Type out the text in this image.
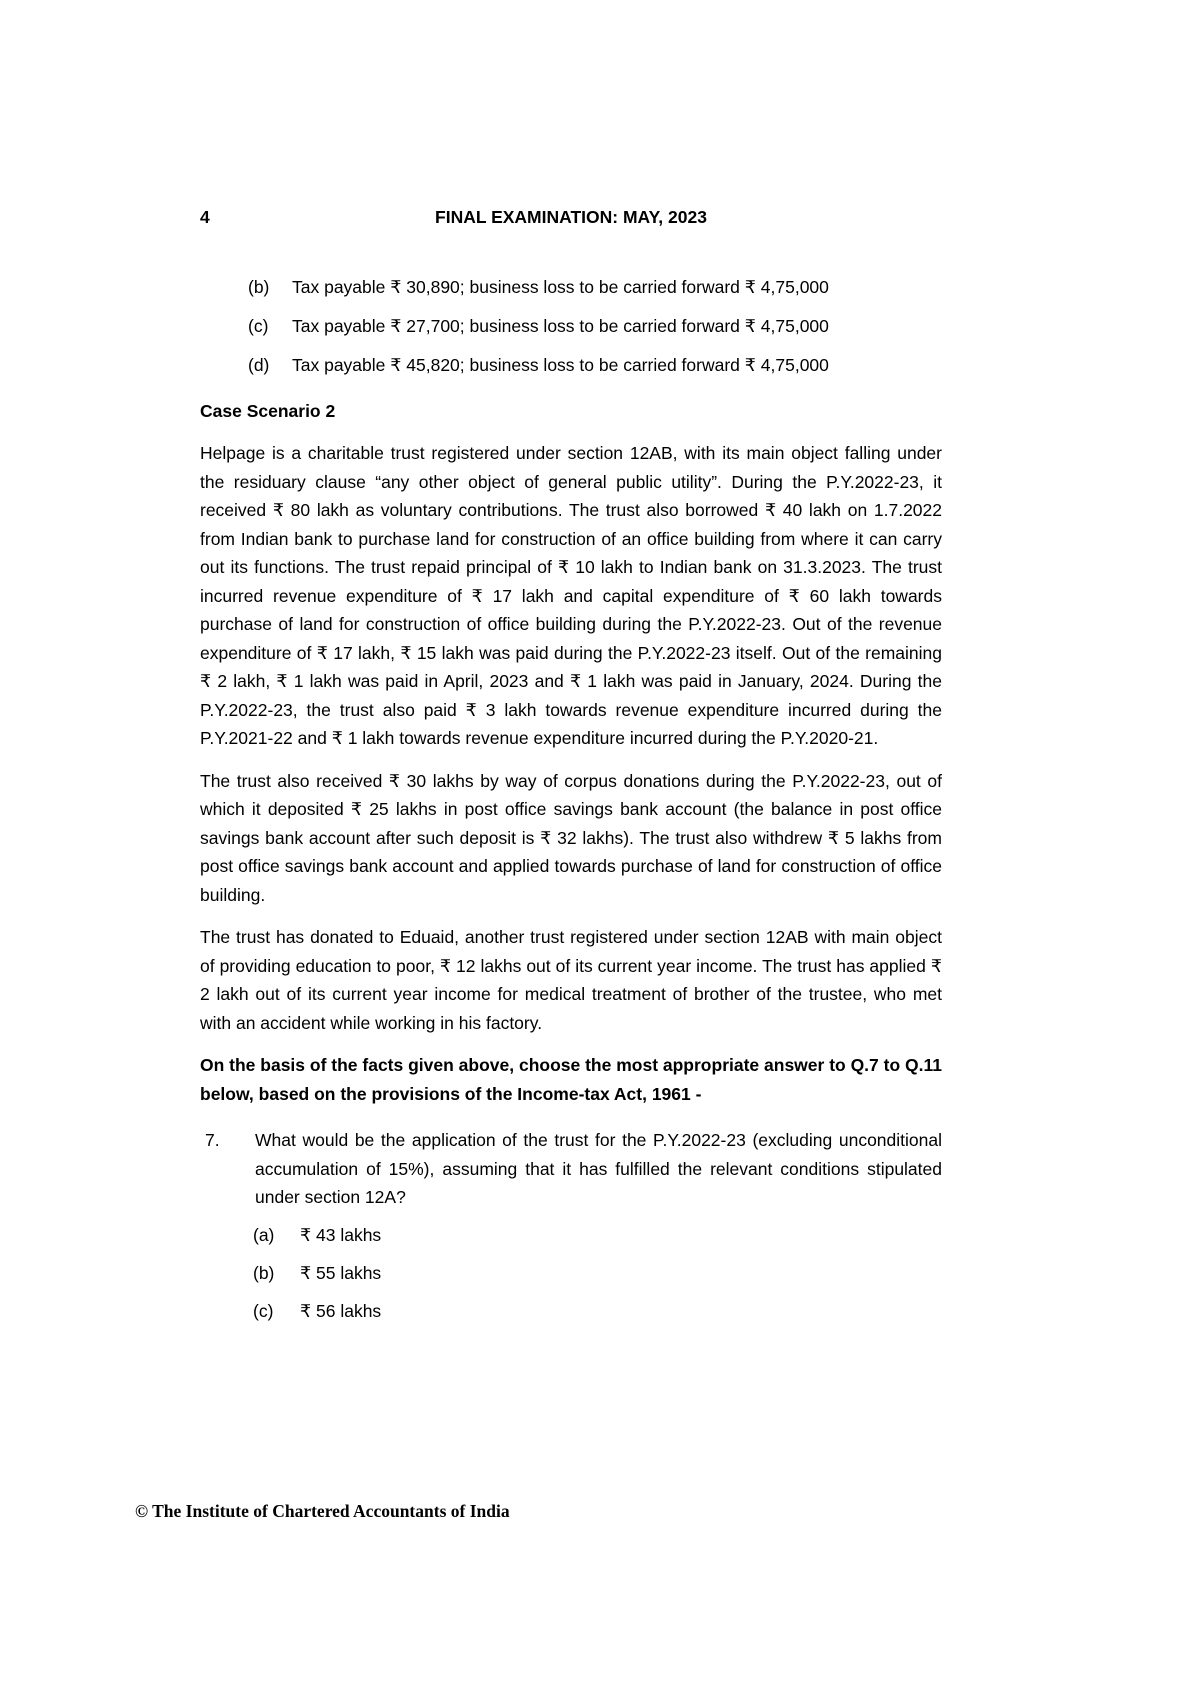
4	FINAL EXAMINATION: MAY, 2023
(b)	Tax payable ₹ 30,890; business loss to be carried forward ₹ 4,75,000
(c)	Tax payable ₹ 27,700; business loss to be carried forward ₹ 4,75,000
(d)	Tax payable ₹ 45,820; business loss to be carried forward ₹ 4,75,000
Case Scenario 2
Helpage is a charitable trust registered under section 12AB, with its main object falling under the residuary clause “any other object of general public utility”. During the P.Y.2022-23, it received ₹ 80 lakh as voluntary contributions. The trust also borrowed ₹ 40 lakh on 1.7.2022 from Indian bank to purchase land for construction of an office building from where it can carry out its functions. The trust repaid principal of ₹ 10 lakh to Indian bank on 31.3.2023. The trust incurred revenue expenditure of ₹ 17 lakh and capital expenditure of ₹ 60 lakh towards purchase of land for construction of office building during the P.Y.2022-23. Out of the revenue expenditure of ₹ 17 lakh, ₹ 15 lakh was paid during the P.Y.2022-23 itself. Out of the remaining ₹ 2 lakh, ₹ 1 lakh was paid in April, 2023 and ₹ 1 lakh was paid in January, 2024. During the P.Y.2022-23, the trust also paid ₹ 3 lakh towards revenue expenditure incurred during the P.Y.2021-22 and ₹ 1 lakh towards revenue expenditure incurred during the P.Y.2020-21.
The trust also received ₹ 30 lakhs by way of corpus donations during the P.Y.2022-23, out of which it deposited ₹ 25 lakhs in post office savings bank account (the balance in post office savings bank account after such deposit is ₹ 32 lakhs). The trust also withdrew ₹ 5 lakhs from post office savings bank account and applied towards purchase of land for construction of office building.
The trust has donated to Eduaid, another trust registered under section 12AB with main object of providing education to poor, ₹ 12 lakhs out of its current year income. The trust has applied ₹ 2 lakh out of its current year income for medical treatment of brother of the trustee, who met with an accident while working in his factory.
On the basis of the facts given above, choose the most appropriate answer to Q.7 to Q.11 below, based on the provisions of the Income-tax Act, 1961 -
7.	What would be the application of the trust for the P.Y.2022-23 (excluding unconditional accumulation of 15%), assuming that it has fulfilled the relevant conditions stipulated under section 12A?
(a)	₹ 43 lakhs
(b)	₹ 55 lakhs
(c)	₹ 56 lakhs
© The Institute of Chartered Accountants of India
